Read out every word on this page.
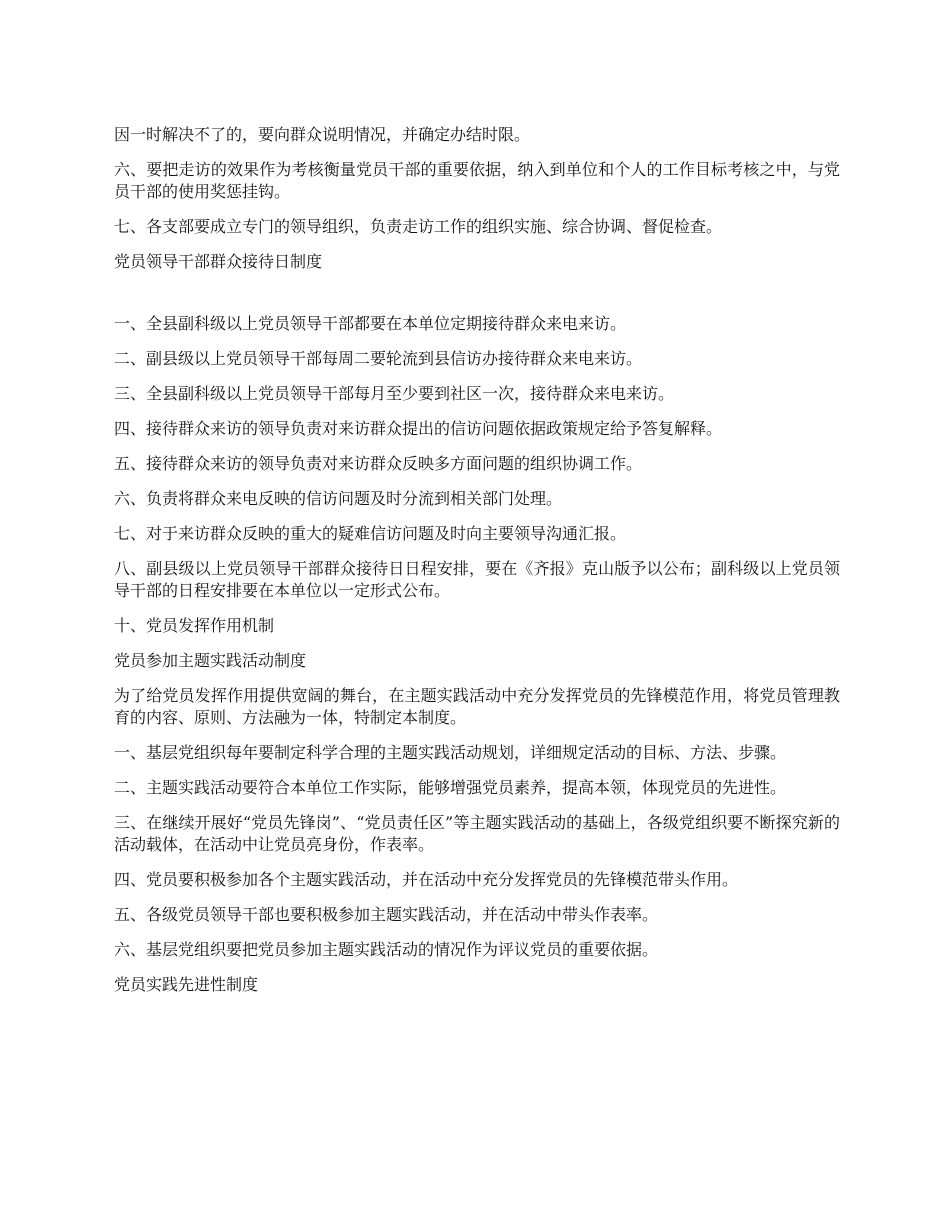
因一时解决不了的，要向群众说明情况，并确定办结时限。

六、要把走访的效果作为考核衡量党员干部的重要依据，纳入到单位和个人的工作目标考核之中，与党员干部的使用奖惩挂钩。

七、各支部要成立专门的领导组织，负责走访工作的组织实施、综合协调、督促检查。

党员领导干部群众接待日制度

一、全县副科级以上党员领导干部都要在本单位定期接待群众来电来访。

二、副县级以上党员领导干部每周二要轮流到县信访办接待群众来电来访。

三、全县副科级以上党员领导干部每月至少要到社区一次，接待群众来电来访。

四、接待群众来访的领导负责对来访群众提出的信访问题依据政策规定给予答复解释。

五、接待群众来访的领导负责对来访群众反映多方面问题的组织协调工作。

六、负责将群众来电反映的信访问题及时分流到相关部门处理。

七、对于来访群众反映的重大的疑难信访问题及时向主要领导沟通汇报。

八、副县级以上党员领导干部群众接待日日程安排，要在《齐报》克山版予以公布；副科级以上党员领导干部的日程安排要在本单位以一定形式公布。

十、党员发挥作用机制

党员参加主题实践活动制度

为了给党员发挥作用提供宽阔的舞台，在主题实践活动中充分发挥党员的先锋模范作用，将党员管理教育的内容、原则、方法融为一体，特制定本制度。

一、基层党组织每年要制定科学合理的主题实践活动规划，详细规定活动的目标、方法、步骤。

二、主题实践活动要符合本单位工作实际，能够增强党员素养，提高本领，体现党员的先进性。

三、在继续开展好“党员先锋岗”、“党员责任区”等主题实践活动的基础上，各级党组织要不断探究新的活动载体，在活动中让党员亮身份，作表率。

四、党员要积极参加各个主题实践活动，并在活动中充分发挥党员的先锋模范带头作用。

五、各级党员领导干部也要积极参加主题实践活动，并在活动中带头作表率。

六、基层党组织要把党员参加主题实践活动的情况作为评议党员的重要依据。

党员实践先进性制度
